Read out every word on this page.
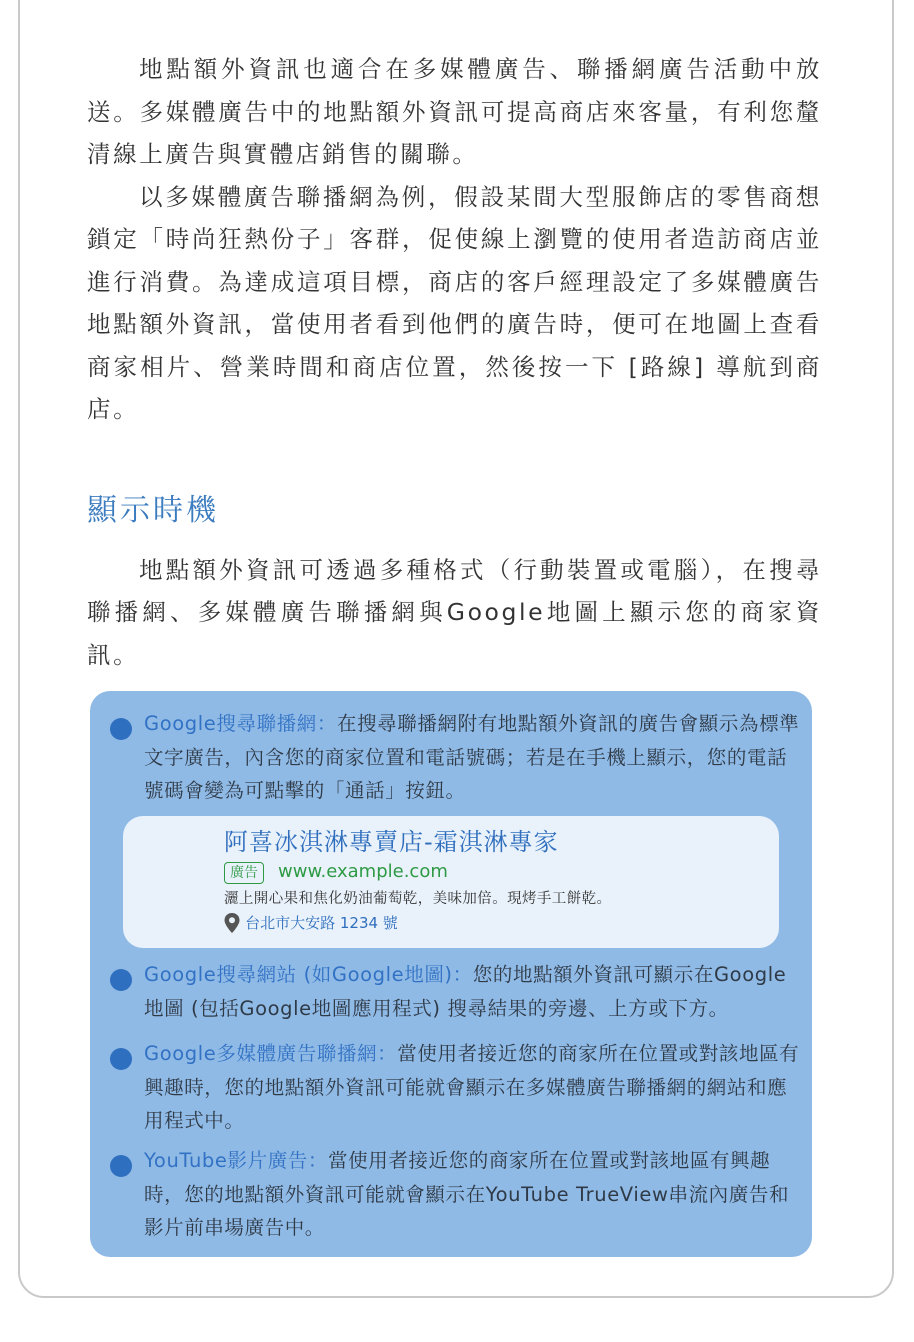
地點額外資訊也適合在多媒體廣告、聯播網廣告活動中放送。多媒體廣告中的地點額外資訊可提高商店來客量，有利您釐清線上廣告與實體店銷售的關聯。

以多媒體廣告聯播網為例，假設某間大型服飾店的零售商想鎖定「時尚狂熱份子」客群，促使線上瀏覽的使用者造訪商店並進行消費。為達成這項目標，商店的客戶經理設定了多媒體廣告地點額外資訊，當使用者看到他們的廣告時，便可在地圖上查看商家相片、營業時間和商店位置，然後按一下 [路線] 導航到商店。

顯示時機

地點額外資訊可透過多種格式（行動裝置或電腦），在搜尋聯播網、多媒體廣告聯播網與Google地圖上顯示您的商家資訊。

Google搜尋聯播網：在搜尋聯播網附有地點額外資訊的廣告會顯示為標準文字廣告，內含您的商家位置和電話號碼；若是在手機上顯示，您的電話號碼會變為可點擊的「通話」按鈕。
阿喜冰淇淋專賣店-霜淇淋專家
廣告	www.example.com
灑上開心果和焦化奶油葡萄乾，美味加倍。現烤手工餅乾。
台北市大安路 1234 號
Google搜尋網站 (如Google地圖)：您的地點額外資訊可顯示在Google地圖 (包括Google地圖應用程式) 搜尋結果的旁邊、上方或下方。
Google多媒體廣告聯播網：當使用者接近您的商家所在位置或對該地區有興趣時，您的地點額外資訊可能就會顯示在多媒體廣告聯播網的網站和應用程式中。
YouTube影片廣告：當使用者接近您的商家所在位置或對該地區有興趣時，您的地點額外資訊可能就會顯示在YouTube TrueView串流內廣告和影片前串場廣告中。
